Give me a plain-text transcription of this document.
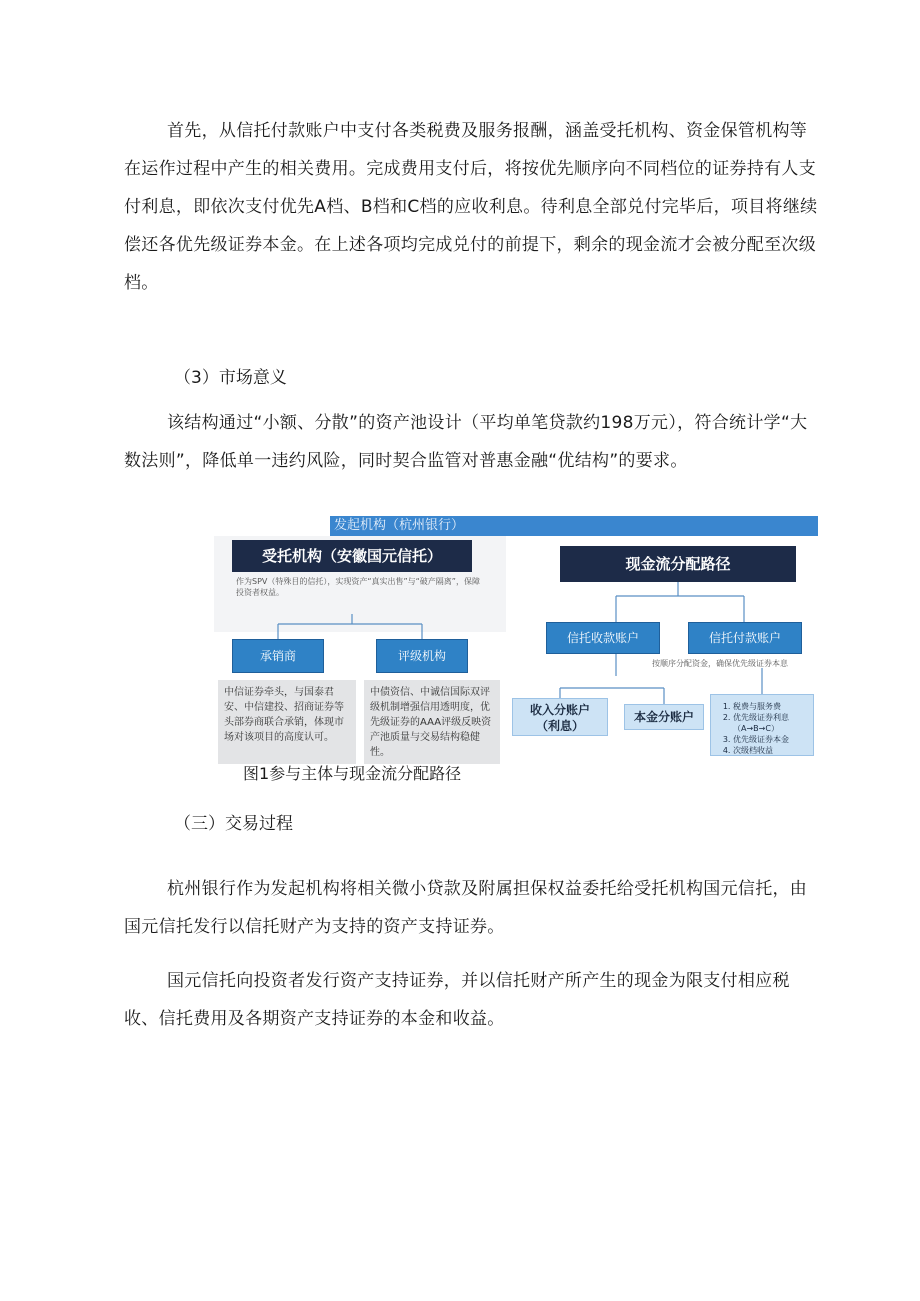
首先，从信托付款账户中支付各类税费及服务报酬，涵盖受托机构、资金保管机构等在运作过程中产生的相关费用。完成费用支付后，将按优先顺序向不同档位的证券持有人支付利息，即依次支付优先A档、B档和C档的应收利息。待利息全部兑付完毕后，项目将继续偿还各优先级证券本金。在上述各项均完成兑付的前提下，剩余的现金流才会被分配至次级档。

（3）市场意义

该结构通过“小额、分散”的资产池设计（平均单笔贷款约198万元），符合统计学“大数法则”，降低单一违约风险，同时契合监管对普惠金融“优结构”的要求。

发起机构（杭州银行）
受托机构（安徽国元信托）
作为SPV（特殊目的信托），实现资产“真实出售”与“破产隔离”，保障投资者权益。
承销商	评级机构
中信证券牵头，与国泰君安、中信建投、招商证券等头部券商联合承销，体现市场对该项目的高度认可。
中债资信、中诚信国际双评级机制增强信用透明度，优先级证券的AAA评级反映资产池质量与交易结构稳健性。
现金流分配路径
信托收款账户	信托付款账户
按顺序分配资金，确保优先级证券本息
收入分账户
（利息）
本金分账户
1. 税费与服务费
2. 优先级证券利息（A→B→C）
3. 优先级证券本金
4. 次级档收益
图1参与主体与现金流分配路径

（三）交易过程

杭州银行作为发起机构将相关微小贷款及附属担保权益委托给受托机构国元信托，由国元信托发行以信托财产为支持的资产支持证券。

国元信托向投资者发行资产支持证券，并以信托财产所产生的现金为限支付相应税收、信托费用及各期资产支持证券的本金和收益。
